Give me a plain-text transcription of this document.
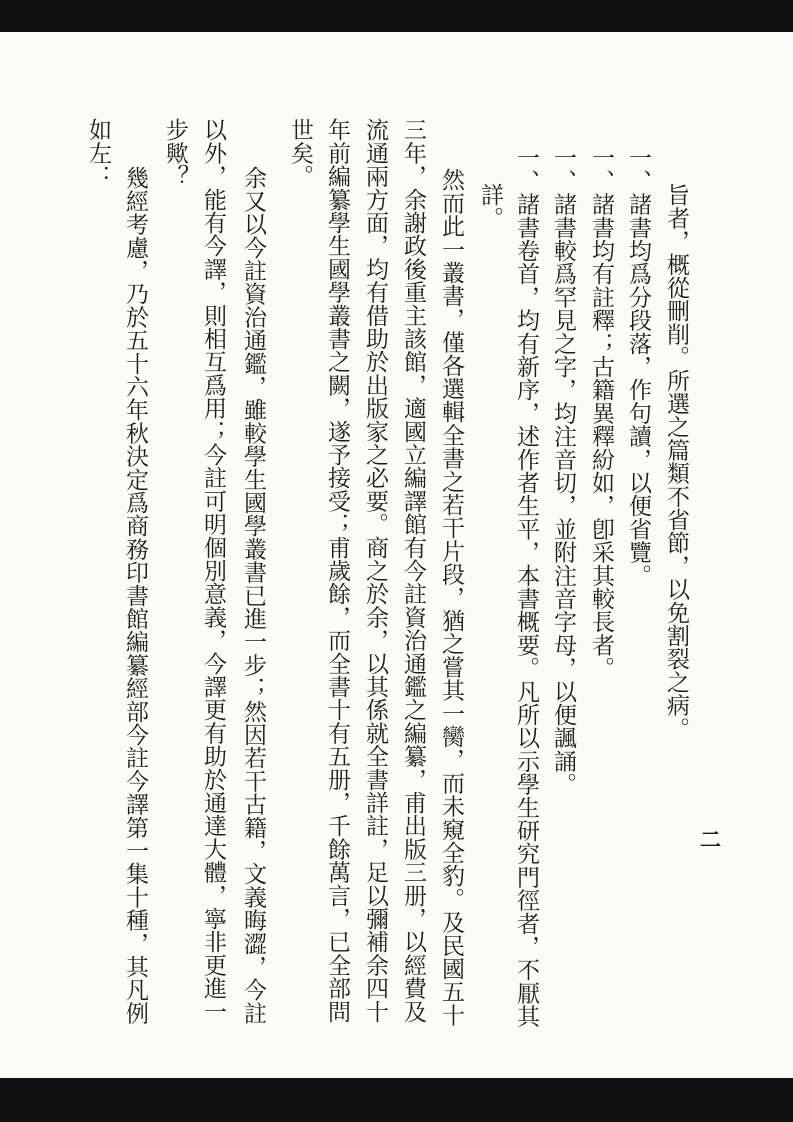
旨者，概從刪削。所選之篇類不省節，以免割裂之病。
一、諸書均爲分段落，作句讀，以便省覽。
一、諸書均有註釋；古籍異釋紛如，卽采其較長者。
一、諸書較爲罕見之字，均注音切，並附注音字母，以便諷誦。
一、諸書卷首，均有新序，述作者生平，本書概要。凡所以示學生研究門徑者，不厭其
詳。
然而此一叢書，僅各選輯全書之若干片段，猶之嘗其一臠，而未窺全豹。及民國五十
三年，余謝政後重主該館，適國立編譯館有今註資治通鑑之編纂，甫出版三册，以經費及
流通兩方面，均有借助於出版家之必要。商之於余，以其係就全書詳註，足以彌補余四十
年前編纂學生國學叢書之闕，遂予接受；甫歲餘，而全書十有五册，千餘萬言，已全部問
世矣。
余又以今註資治通鑑，雖較學生國學叢書已進一步；然因若干古籍，文義晦澀，今註
以外，能有今譯，則相互爲用；今註可明個別意義，今譯更有助於通達大體，寧非更進一
步歟？
幾經考慮，乃於五十六年秋決定爲商務印書館編纂經部今註今譯第一集十種，其凡例
如左：
二
